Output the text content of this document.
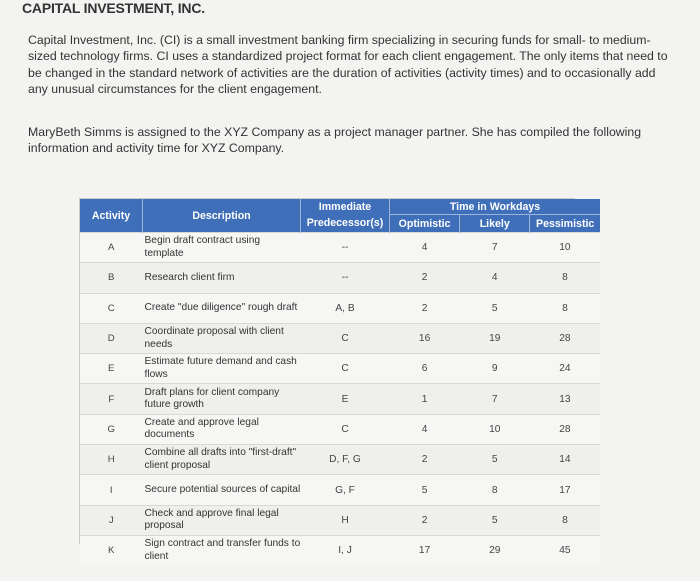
CAPITAL INVESTMENT, INC.

Capital Investment, Inc. (CI) is a small investment banking firm specializing in securing funds for small- to medium-sized technology firms. CI uses a standardized project format for each client engagement. The only items that need to be changed in the standard network of activities are the duration of activities (activity times) and to occasionally add any unusual circumstances for the client engagement.

MaryBeth Simms is assigned to the XYZ Company as a project manager partner. She has compiled the following information and activity time for XYZ Company.

Activity	Description	Immediate	Time in Workdays		
		Predecessor(s)	Optimistic	Likely	Pessimistic
A	Begin draft contract using template	--	4	7	10
B	Research client firm	--	2	4	8
C	Create "due diligence" rough draft	A, B	2	5	8
D	Coordinate proposal with client needs	C	16	19	28
E	Estimate future demand and cash flows	C	6	9	24
F	Draft plans for client company future growth	E	1	7	13
G	Create and approve legal documents	C	4	10	28
H	Combine all drafts into "first-draft" client proposal	D, F, G	2	5	14
I	Secure potential sources of capital	G, F	5	8	17
J	Check and approve final legal proposal	H	2	5	8
K	Sign contract and transfer funds to client	I, J	17	29	45
